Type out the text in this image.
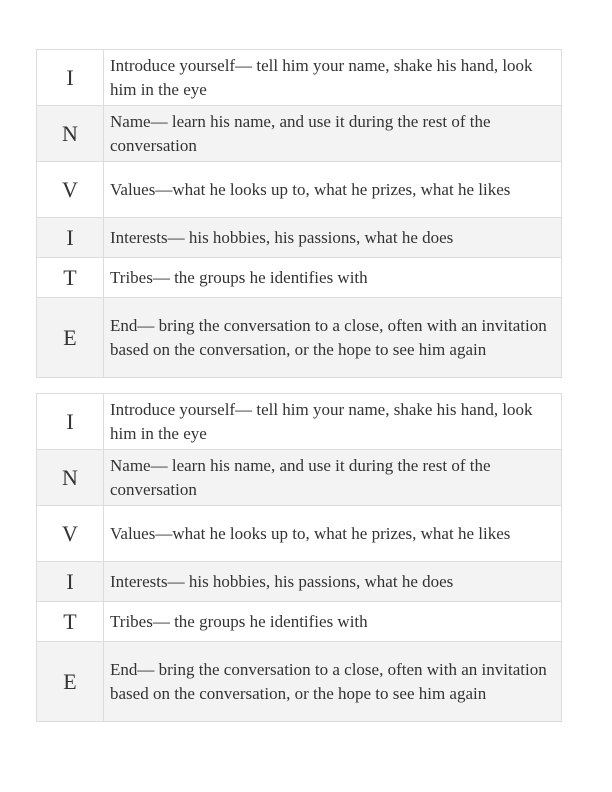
I	Introduce yourself— tell him your name, shake his hand, look him in the eye
N	Name— learn his name, and use it during the rest of the conversation
V	Values—what he looks up to, what he prizes, what he likes
I	Interests— his hobbies, his passions, what he does
T	Tribes— the groups he identifies with
E	End— bring the conversation to a close, often with an invitation based on the conversation, or the hope to see him again
I	Introduce yourself— tell him your name, shake his hand, look him in the eye
N	Name— learn his name, and use it during the rest of the conversation
V	Values—what he looks up to, what he prizes, what he likes
I	Interests— his hobbies, his passions, what he does
T	Tribes— the groups he identifies with
E	End— bring the conversation to a close, often with an invitation based on the conversation, or the hope to see him again
